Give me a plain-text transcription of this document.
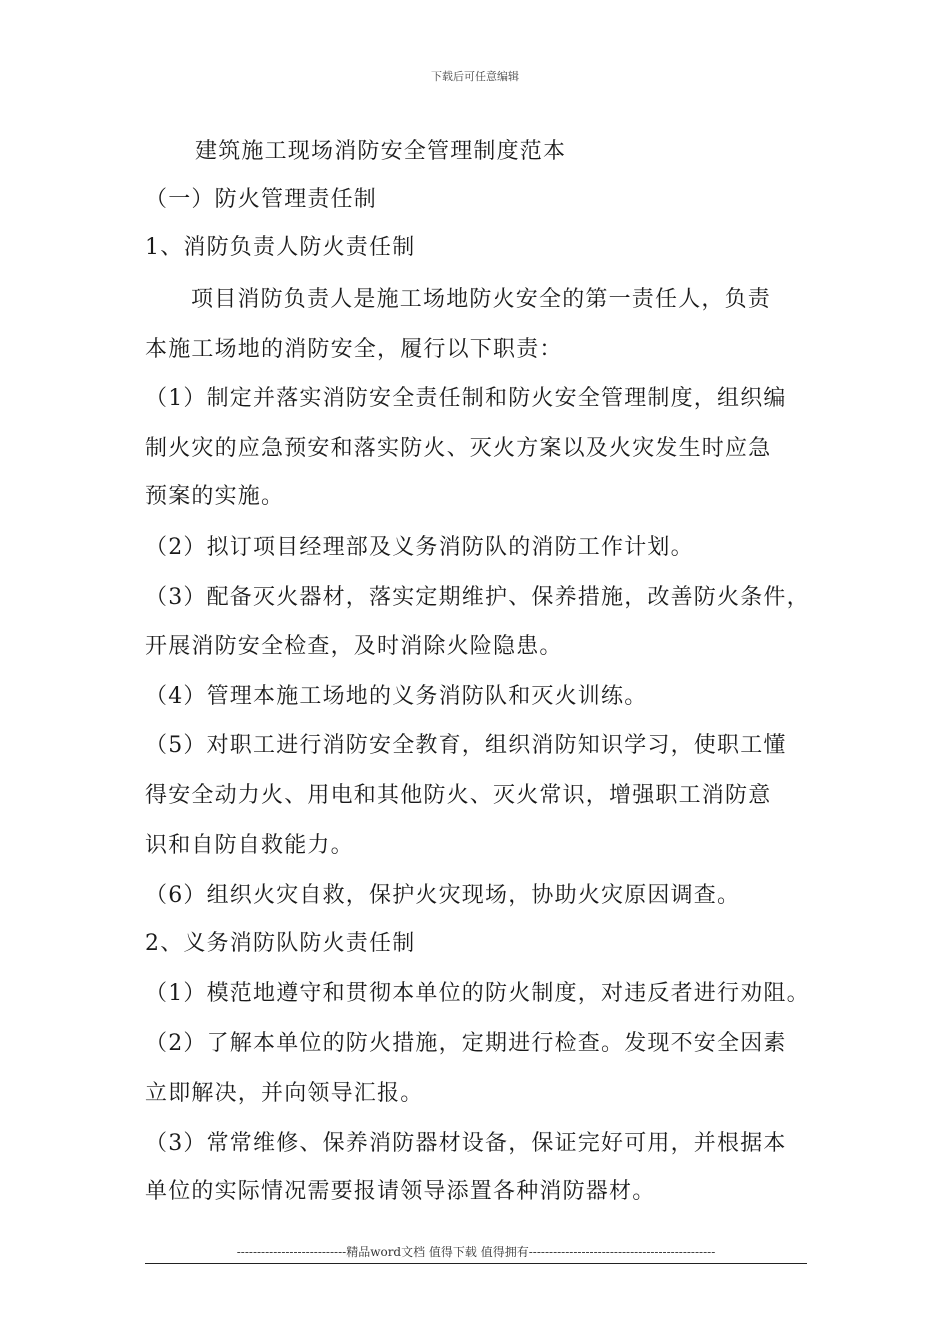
下载后可任意编辑
建筑施工现场消防安全管理制度范本
（一）防火管理责任制
1、消防负责人防火责任制
项目消防负责人是施工场地防火安全的第一责任人，负责
本施工场地的消防安全，履行以下职责：
（1）制定并落实消防安全责任制和防火安全管理制度，组织编
制火灾的应急预安和落实防火、灭火方案以及火灾发生时应急
预案的实施。
（2）拟订项目经理部及义务消防队的消防工作计划。
（3）配备灭火器材，落实定期维护、保养措施，改善防火条件，
开展消防安全检查，及时消除火险隐患。
（4）管理本施工场地的义务消防队和灭火训练。
（5）对职工进行消防安全教育，组织消防知识学习，使职工懂
得安全动力火、用电和其他防火、灭火常识，增强职工消防意
识和自防自救能力。
（6）组织火灾自救，保护火灾现场，协助火灾原因调查。
2、义务消防队防火责任制
（1）模范地遵守和贯彻本单位的防火制度，对违反者进行劝阻。
（2）了解本单位的防火措施，定期进行检查。发现不安全因素
立即解决，并向领导汇报。
（3）常常维修、保养消防器材设备，保证完好可用，并根据本
单位的实际情况需要报请领导添置各种消防器材。
---------------------------精品word文档 值得下载 值得拥有----------------------------------------------
